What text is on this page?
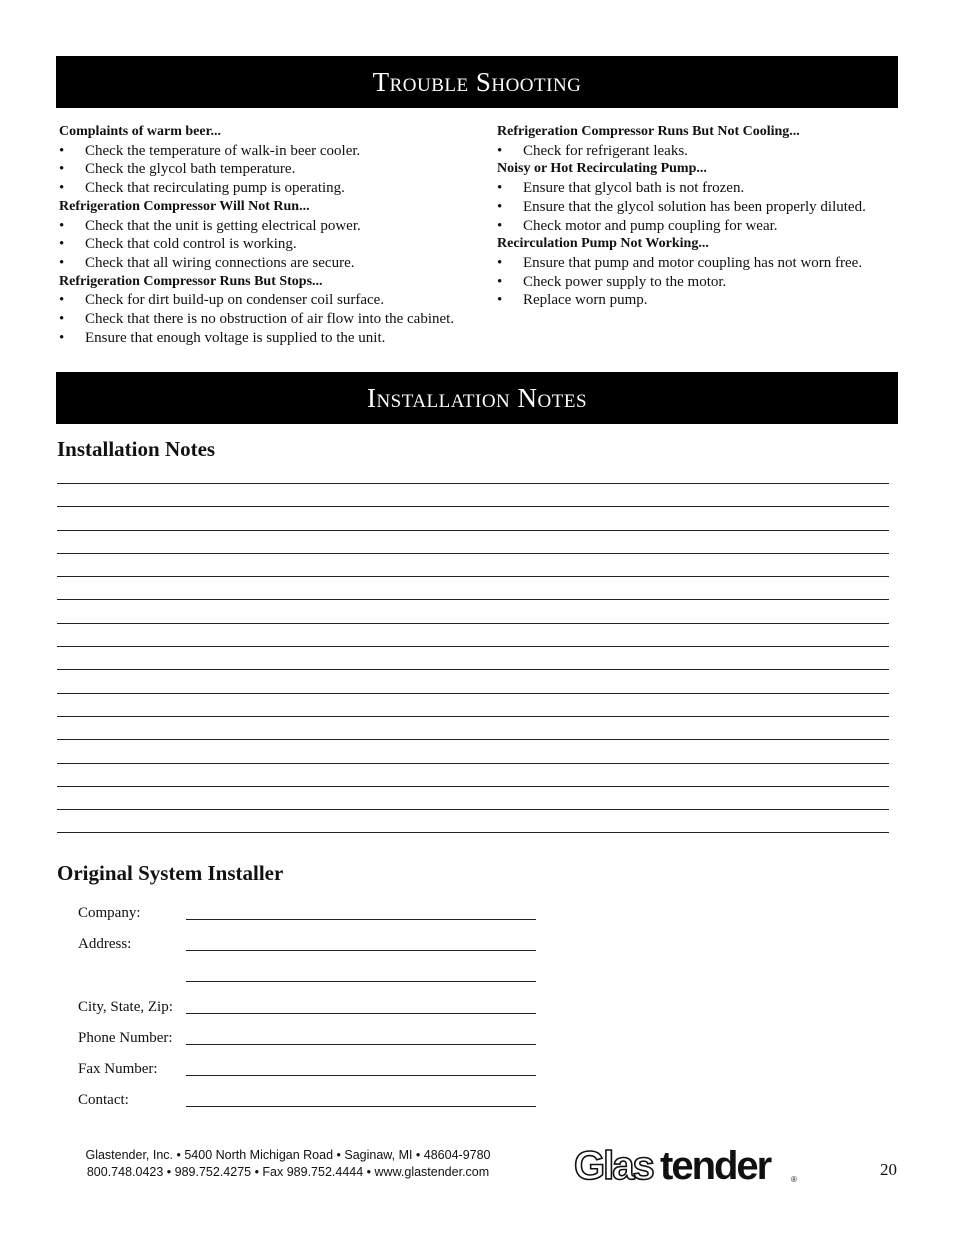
Trouble Shooting
Complaints of warm beer...
• Check the temperature of walk-in beer cooler.
• Check the glycol bath temperature.
• Check that recirculating pump is operating.
Refrigeration Compressor Will Not Run...
• Check that the unit is getting electrical power.
• Check that cold control is working.
• Check that all wiring connections are secure.
Refrigeration Compressor Runs But Stops...
• Check for dirt build-up on condenser coil surface.
• Check that there is no obstruction of air flow into the cabinet.
• Ensure that enough voltage is supplied to the unit.
Refrigeration Compressor Runs But Not Cooling...
• Check for refrigerant leaks.
Noisy or Hot Recirculating Pump...
• Ensure that glycol bath is not frozen.
• Ensure that the glycol solution has been properly diluted.
• Check motor and pump coupling for wear.
Recirculation Pump Not Working...
• Ensure that pump and motor coupling has not worn free.
• Check power supply to the motor.
• Replace worn pump.
Installation Notes
Installation Notes
Original System Installer
Company:
Address:
City, State, Zip:
Phone Number:
Fax Number:
Contact:
Glastender, Inc. • 5400 North Michigan Road • Saginaw, MI • 48604-9780
800.748.0423 • 989.752.4275 • Fax 989.752.4444 • www.glastender.com	Glas tender	®
20
